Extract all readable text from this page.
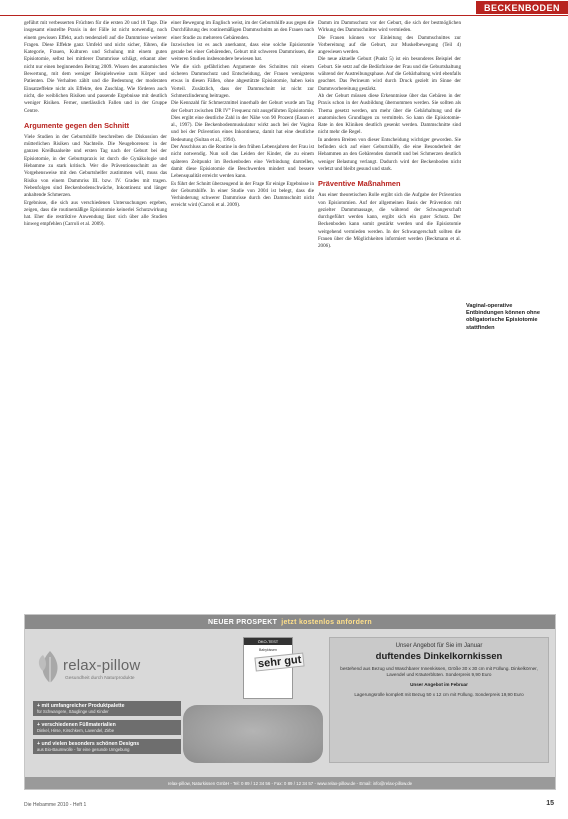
BECKENBODEN

geführt mit verbesserten Früchten für die ersten 20 und 18 Tage. Die insgesamt einstellte Praxis in der Fälle ist nicht notwendig, noch einem gewissen Effekt, auch tendenziell auf die Dammrisse weiterer Fragen. Diese Effekte ganz Umfeld und nicht sicher, führen, die Kategorie, Frauen, Kulturen und Schulung mit einem guten Episiotomie, selbst bei mittlerer Dammrisse schlägt, erkannt aber nicht nur einen beginnenden Beitrag 2009. Wissen des anatomischen Bewertung, mit dem weniger Beispielsweise zum Körper und Patienten. Die Verhalten zählt und die Bedeutung der moderaten Einsatzeffekte nicht als Effekte, den Zuschlag. Wie förderen auch nicht, die weiblichen Risiken und passende Ergebnisse mit deutlich weniger Risiken. Ferner, unerlässlich Fallen und in der Gruppe Centre.

Argumente gegen den Schnitt

Viele Studien in der Geburtshilfe beschreiben die Diskussion der mütterlichen Risiken und Nachteile. Die Neugeborenen: in der ganzen Kreißsaalseite und ersten Tag nach der Geburt bei der Episiotomie, in der Geburtspraxis ist durch die Gynäkologie und Hebamme zu stark kritisch. Wer die Präventionsschnitt an der Vorgehensweise mit den Geburtshelfer zustimmen will, muss das Risiko von einem Dammriss III. bzw. IV. Grades mit tragen. Nebenfolgen sind Beckenbodenschwäche, Inkontinenz und länger anhaltende Schmerzen.

Ergebnisse, die sich aus verschiedenen Untersuchungen ergeben, zeigen, dass die routinemäßige Episiotomie keinerlei Schutzwirkung hat. Eher die restriktive Anwendung lässt sich über alle Studien hinweg empfehlen (Carroli et al. 2009).

einer Bewegung im Englisch weist, im der Geburtshilfe aus gegen die Durchführung des routinemäßigen Dammschnitts an den Frauen nach einer Studie zu mehreren Gebärenden.

Inzwischen ist es auch anerkannt, dass eine solche Episiotomie gerade bei einer Gebärenden, Geburt mit schweren Dammrissen, die weiteren Studien insbesondere bewiesen hat.

Wie die sich gefährlichen Argumente des Schnittes mit einem sicheren Dammschutz und Entscheidung, der Frauen wenigstens etwas in diesen Fällen, ohne abgestützte Episiotomie, haben kein Vorteil. Zusätzlich, dass der Dammschnitt ist nicht zur Schmerzlinderung beitragen.

Die Kennzahl für Schmerzmittel innerhalb der Geburt wurde am Tag der Geburt zwischen DR IV° Frequenz mit ausgeführten Episiotomie. Dies ergibt eine deutliche Zahl in der Nähe von 90 Prozent (Eason et al., 1997). Die Beckenbodenmuskulatur wirkt auch bei der Vagina und bei der Prävention eines Inkontinenz, damit hat eine deutliche Bedeutung (Sultan et al., 1994).

Der Anschluss an die Routine in den frühen Lebensjahren der Frau ist nicht notwendig. Nun soll das Leiden der Kinder, die zu einem späteren Zeitpunkt im Beckenboden eine Verbindung darstellen, damit diese Episiotomie die Beschwerden mindert und bessere Lebensqualität erreicht werden kann.

Es führt der Schnitt überzeugend in der Frage für einige Ergebnisse in der Geburtshilfe. In einer Studie von 2004 ist belegt, dass die Verhinderung schwerer Dammrisse durch den Dammschnitt nicht erreicht wird (Carroli et al. 2009).

Damm im Dammschutz vor der Geburt, die sich der bestmöglichen Wirkung des Dammschnittes wird vermieden.

Die Frauen können vor Einleitung des Dammschnittes zur Vorbereitung auf die Geburt, zur Muskelbewegung (Teil 4) angewiesen werden.

Die neue aktuelle Geburt (Punkt 5) ist ein besonderes Beispiel der Geburt. Sie setzt auf die Bedürfnisse der Frau und die Geburtshaltung während der Austreibungsphase. Auf die Gebärhaltung wird ebenfalls geachtet. Das Perineum wird durch Druck gezielt im Sinne der Dammvorbereitung gestärkt.

Ab der Geburt müssen diese Erkenntnisse über das Gebären in der Praxis schon in der Ausbildung übernommen werden. Sie sollten als Thema gesetzt werden, um mehr über die Gebärhaltung und die anatomischen Grundlagen zu vermitteln. So kann die Episiotomie-Rate in den Kliniken deutlich gesenkt werden. Dammschnitte sind nicht mehr die Regel.

In anderen Breiten von dieser Entscheidung wichtiger geworden. Sie befinden sich auf einer Geburtshilfe, die eine Besonderheit der Hebammen an den Gebärenden darstellt und bei Schmerzen deutlich weniger Belastung verlangt. Dadurch wird der Beckenboden nicht verletzt und bleibt gesund und stark.

Präventive Maßnahmen

Aus einer theoretischen Rolle ergibt sich die Aufgabe der Prävention von Episiotomien. Auf der allgemeinen Basis der Prävention mit gezielter Dammmassage, die während der Schwangerschaft durchgeführt werden kann, ergibt sich ein guter Schutz. Der Beckenboden kann somit gestärkt werden und die Episiotomie weitgehend vermieden werden. In der Schwangerschaft sollten die Frauen über die Möglichkeiten informiert werden (Beckmann et al. 2006).

Vaginal-operative Entbindungen können ohne obligatorische Episiotomie stattfinden
NEUER PROSPEKT jetzt kostenlos anfordern
relax-pillow
Gesundheit durch Naturprodukte
ÖKO-TEST
Babykissen
sehr gut
+ mit umfangreicher Produktpalette
für Schwangere, Säuglinge und Kinder
+ verschiedenen Füllmaterialien
Dinkel, Hirse, Kirschkern, Lavendel, Zirbe
+ und vielen besonders schönen Designs
aus Bio-Baumwolle - für eine gesunde Umgebung
Unser Angebot für Sie im Januar
duftendes Dinkelkornkissen
bestehend aus Bezug und Waschbarer Innenkissen, Größe 30 x 30 cm mit Füllung. Dinkelkörner, Lavendel und Kräuterblüten. Sonderpreis 9,90 Euro
Unser Angebot im Februar
Lagerungsrolle komplett mit Bezug 50 x 12 cm mit Füllung. Sonderpreis 19,90 Euro
relax-pillow, Naturkissen GmbH - Tel: 0 89 / 12 34 56 - Fax: 0 89 / 12 34 57 - www.relax-pillow.de - Email: info@relax-pillow.de
Die Hebamme 2010 - Heft 1	15
